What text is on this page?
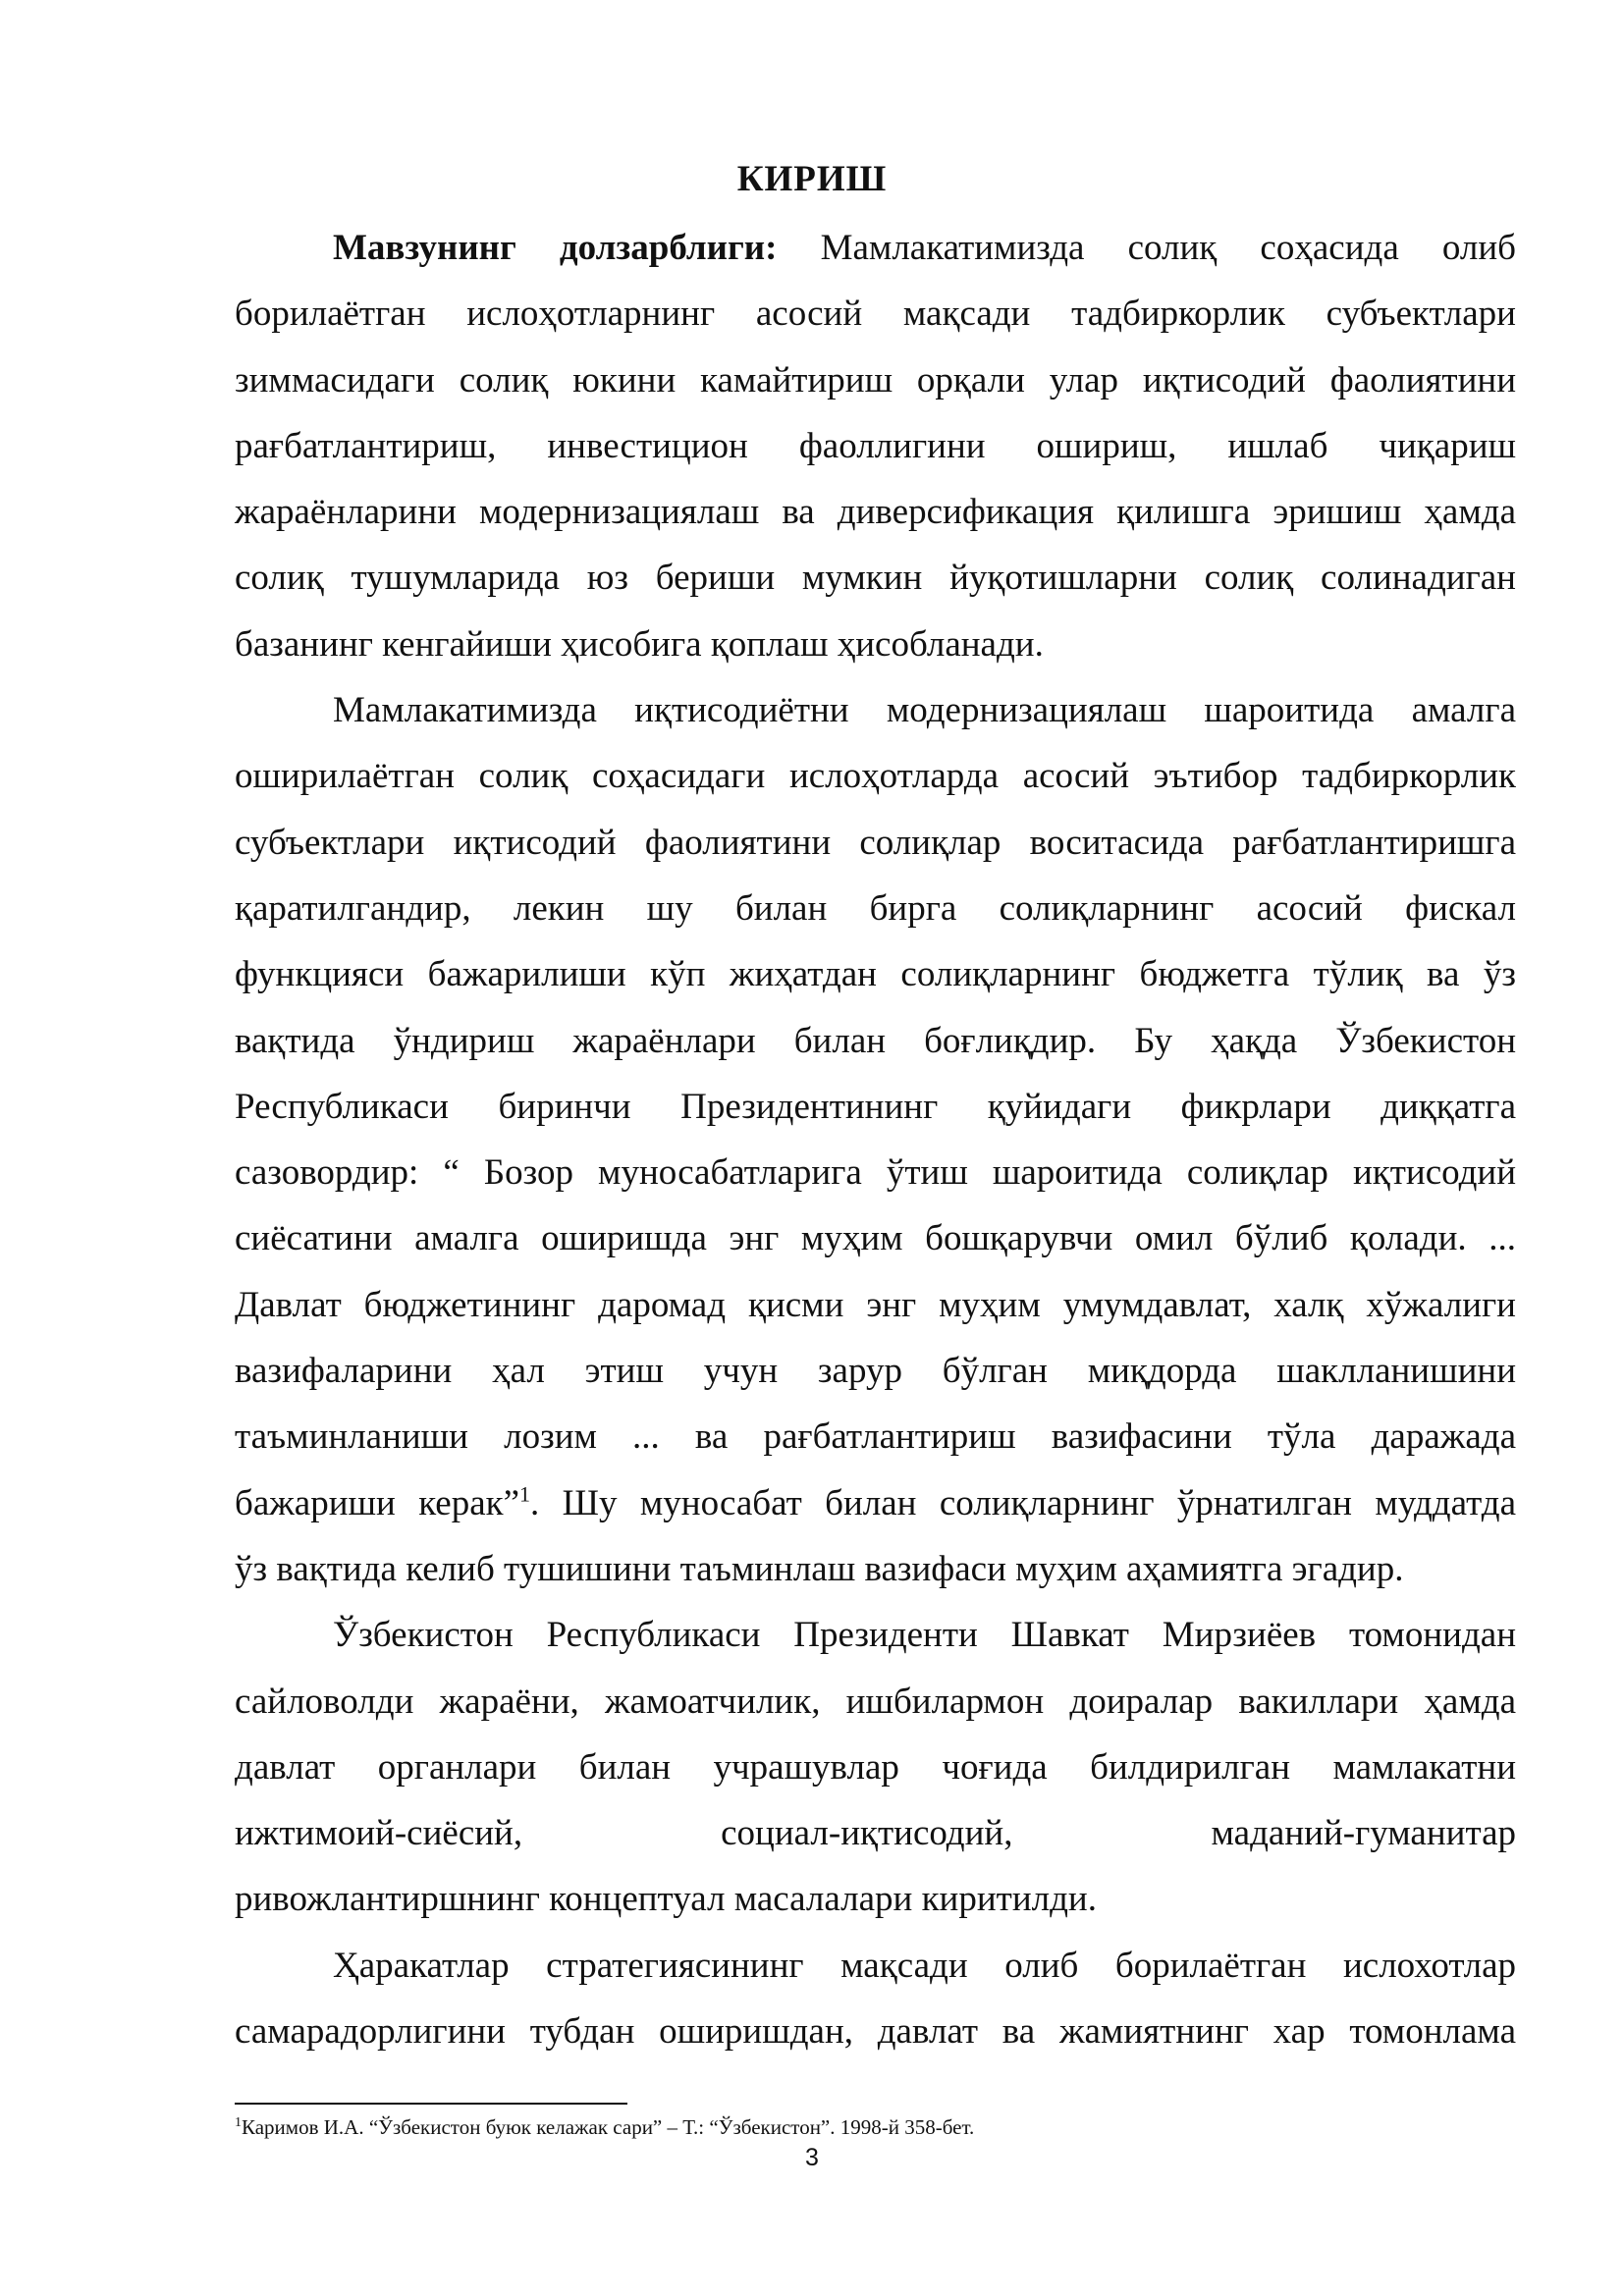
КИРИШ
Мавзунинг долзарблиги: Мамлакатимизда солиқ соҳасида олиб
борилаётган ислоҳотларнинг асосий мақсади тадбиркорлик субъектлари
зиммасидаги солиқ юкини камайтириш орқали улар иқтисодий фаолиятини
рағбатлантириш, инвестицион фаоллигини ошириш, ишлаб чиқариш
жараёнларини модернизациялаш ва диверсификация қилишга эришиш ҳамда
солиқ тушумларида юз бериши мумкин йуқотишларни солиқ солинадиган
базанинг кенгайиши ҳисобига қоплаш ҳисобланади.
Мамлакатимизда иқтисодиётни модернизациялаш шароитида амалга
оширилаётган солиқ соҳасидаги ислоҳотларда асосий эътибор тадбиркорлик
субъектлари иқтисодий фаолиятини солиқлар воситасида рағбатлантиришга
қаратилгандир, лекин шу билан бирга солиқларнинг асосий фискал
функцияси бажарилиши кўп жиҳатдан солиқларнинг бюджетга тўлиқ ва ўз
вақтида ўндириш жараёнлари билан боғлиқдир. Бу ҳақда Ўзбекистон
Республикаси биринчи Президентининг қуйидаги фикрлари диққатга
сазовордир: “ Бозор муносабатларига ўтиш шароитида солиқлар иқтисодий
сиёсатини амалга оширишда энг муҳим бошқарувчи омил бўлиб қолади. ...
Давлат бюджетининг даромад қисми энг муҳим умумдавлат, халқ хўжалиги
вазифаларини ҳал этиш учун зарур бўлган миқдорда шаклланишини
таъминланиши лозим ... ва рағбатлантириш вазифасини тўла даражада
бажариши керак”$^1$. Шу муносабат билан солиқларнинг ўрнатилган муддатда
ўз вақтида келиб тушишини таъминлаш вазифаси муҳим аҳамиятга эгадир.
Ўзбекистон Республикаси Президенти Шавкат Мирзиёев томонидан
сайловолди жараёни, жамоатчилик, ишбилармон доиралар вакиллари ҳамда
давлат органлари билан учрашувлар чоғида билдирилган мамлакатни
ижтимоий-сиёсий, социал-иқтисодий, маданий-гуманитар
ривожлантиршнинг концептуал масалалари киритилди.
Ҳаракатлар стратегиясининг мақсади олиб борилаётган ислохотлар
самарадорлигини тубдан оширишдан, давлат ва жамиятнинг хар томонлама
$^1$Каримов И.А. “Ўзбекистон буюк келажак сари” – Т.: “Ўзбекистон”. 1998-й 358-бет.
3
